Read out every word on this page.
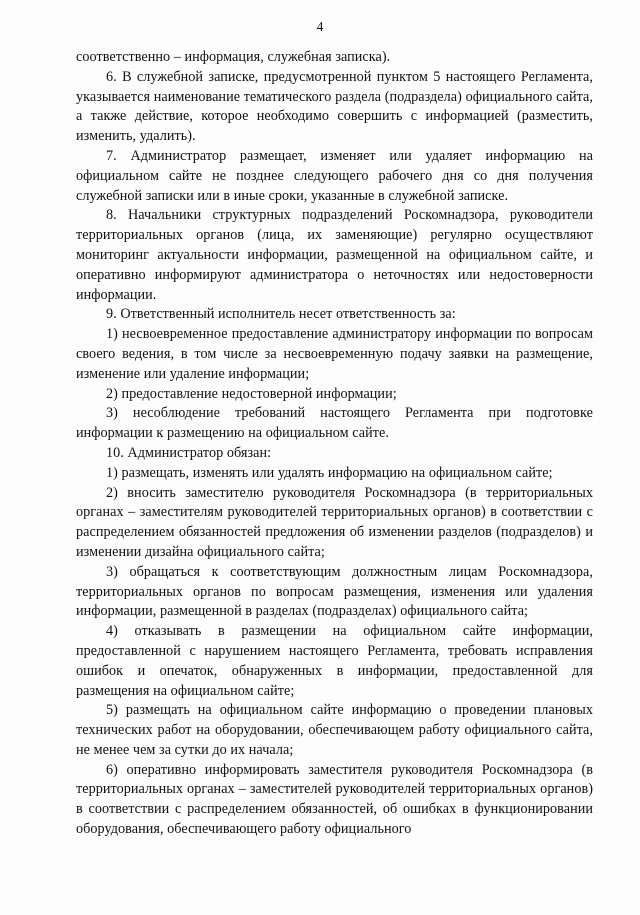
4

соответственно – информация, служебная записка).

6. В служебной записке, предусмотренной пунктом 5 настоящего Регламента, указывается наименование тематического раздела (подраздела) официального сайта, а также действие, которое необходимо совершить с информацией (разместить, изменить, удалить).

7. Администратор размещает, изменяет или удаляет информацию на официальном сайте не позднее следующего рабочего дня со дня получения служебной записки или в иные сроки, указанные в служебной записке.

8. Начальники структурных подразделений Роскомнадзора, руководители территориальных органов (лица, их заменяющие) регулярно осуществляют мониторинг актуальности информации, размещенной на официальном сайте, и оперативно информируют администратора о неточностях или недостоверности информации.

9. Ответственный исполнитель несет ответственность за:

1) несвоевременное предоставление администратору информации по вопросам своего ведения, в том числе за несвоевременную подачу заявки на размещение, изменение или удаление информации;

2) предоставление недостоверной информации;

3) несоблюдение требований настоящего Регламента при подготовке информации к размещению на официальном сайте.

10. Администратор обязан:

1) размещать, изменять или удалять информацию на официальном сайте;

2) вносить заместителю руководителя Роскомнадзора (в территориальных органах – заместителям руководителей территориальных органов) в соответствии с распределением обязанностей предложения об изменении разделов (подразделов) и изменении дизайна официального сайта;

3) обращаться к соответствующим должностным лицам Роскомнадзора, территориальных органов по вопросам размещения, изменения или удаления информации, размещенной в разделах (подразделах) официального сайта;

4) отказывать в размещении на официальном сайте информации, предоставленной с нарушением настоящего Регламента, требовать исправления ошибок и опечаток, обнаруженных в информации, предоставленной для размещения на официальном сайте;

5) размещать на официальном сайте информацию о проведении плановых технических работ на оборудовании, обеспечивающем работу официального сайта, не менее чем за сутки до их начала;

6) оперативно информировать заместителя руководителя Роскомнадзора (в территориальных органах – заместителей руководителей территориальных органов) в соответствии с распределением обязанностей, об ошибках в функционировании оборудования, обеспечивающего работу официального
